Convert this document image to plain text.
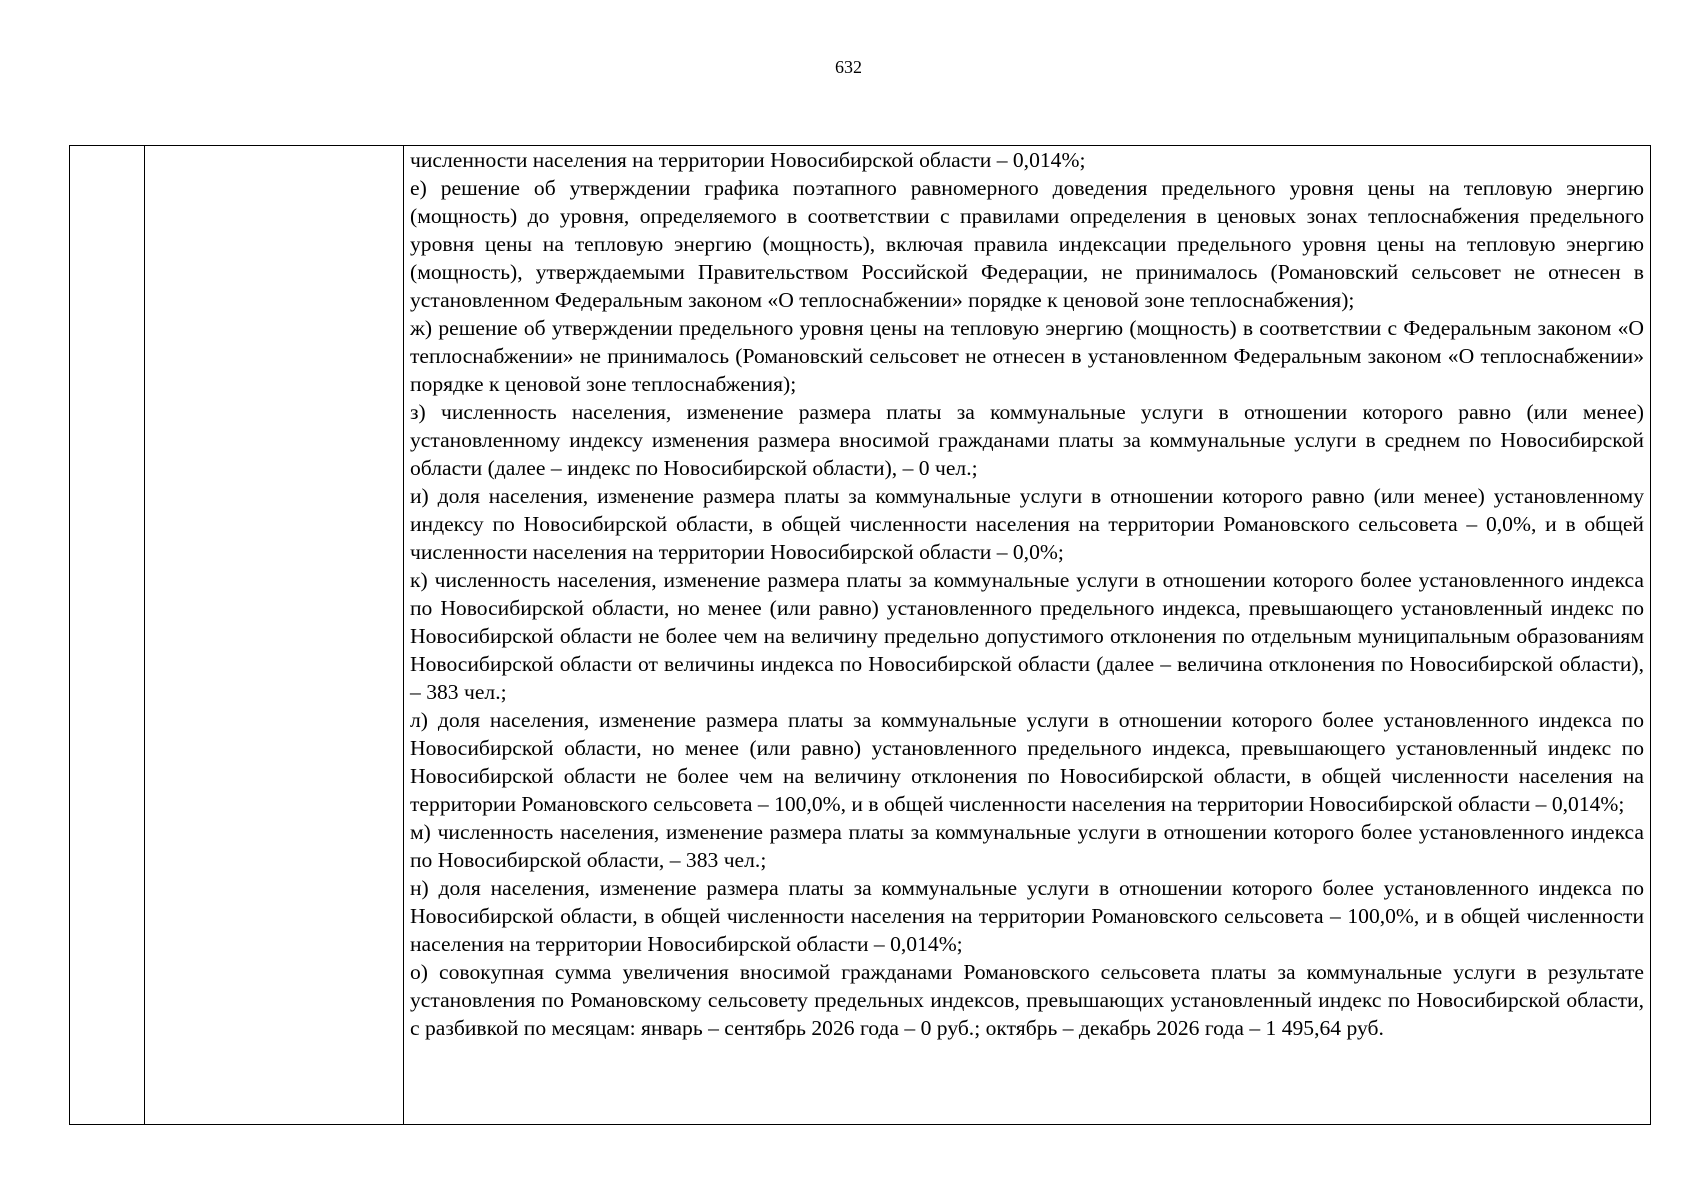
632

численности населения на территории Новосибирской области – 0,014%;

е) решение об утверждении графика поэтапного равномерного доведения предельного уровня цены на тепловую энергию (мощность) до уровня, определяемого в соответствии с правилами определения в ценовых зонах теплоснабжения предельного уровня цены на тепловую энергию (мощность), включая правила индексации предельного уровня цены на тепловую энергию (мощность), утверждаемыми Правительством Российской Федерации, не принималось (Романовский сельсовет не отнесен в установленном Федеральным законом «О теплоснабжении» порядке к ценовой зоне теплоснабжения);

ж) решение об утверждении предельного уровня цены на тепловую энергию (мощность) в соответствии с Федеральным законом «О теплоснабжении» не принималось (Романовский сельсовет не отнесен в установленном Федеральным законом «О теплоснабжении» порядке к ценовой зоне теплоснабжения);

з) численность населения, изменение размера платы за коммунальные услуги в отношении которого равно (или менее) установленному индексу изменения размера вносимой гражданами платы за коммунальные услуги в среднем по Новосибирской области (далее – индекс по Новосибирской области), – 0 чел.;

и) доля населения, изменение размера платы за коммунальные услуги в отношении которого равно (или менее) установленному индексу по Новосибирской области, в общей численности населения на территории Романовского сельсовета – 0,0%, и в общей численности населения на территории Новосибирской области – 0,0%;

к) численность населения, изменение размера платы за коммунальные услуги в отношении которого более установленного индекса по Новосибирской области, но менее (или равно) установленного предельного индекса, превышающего установленный индекс по Новосибирской области не более чем на величину предельно допустимого отклонения по отдельным муниципальным образованиям Новосибирской области от величины индекса по Новосибирской области (далее – величина отклонения по Новосибирской области), – 383 чел.;

л) доля населения, изменение размера платы за коммунальные услуги в отношении которого более установленного индекса по Новосибирской области, но менее (или равно) установленного предельного индекса, превышающего установленный индекс по Новосибирской области не более чем на величину отклонения по Новосибирской области, в общей численности населения на территории Романовского сельсовета – 100,0%, и в общей численности населения на территории Новосибирской области – 0,014%;

м) численность населения, изменение размера платы за коммунальные услуги в отношении которого более установленного индекса по Новосибирской области, – 383 чел.;

н) доля населения, изменение размера платы за коммунальные услуги в отношении которого более установленного индекса по Новосибирской области, в общей численности населения на территории Романовского сельсовета – 100,0%, и в общей численности населения на территории Новосибирской области – 0,014%;

о) совокупная сумма увеличения вносимой гражданами Романовского сельсовета платы за коммунальные услуги в результате установления по Романовскому сельсовету предельных индексов, превышающих установленный индекс по Новосибирской области, с разбивкой по месяцам: январь – сентябрь 2026 года – 0 руб.; октябрь – декабрь 2026 года – 1 495,64 руб.
